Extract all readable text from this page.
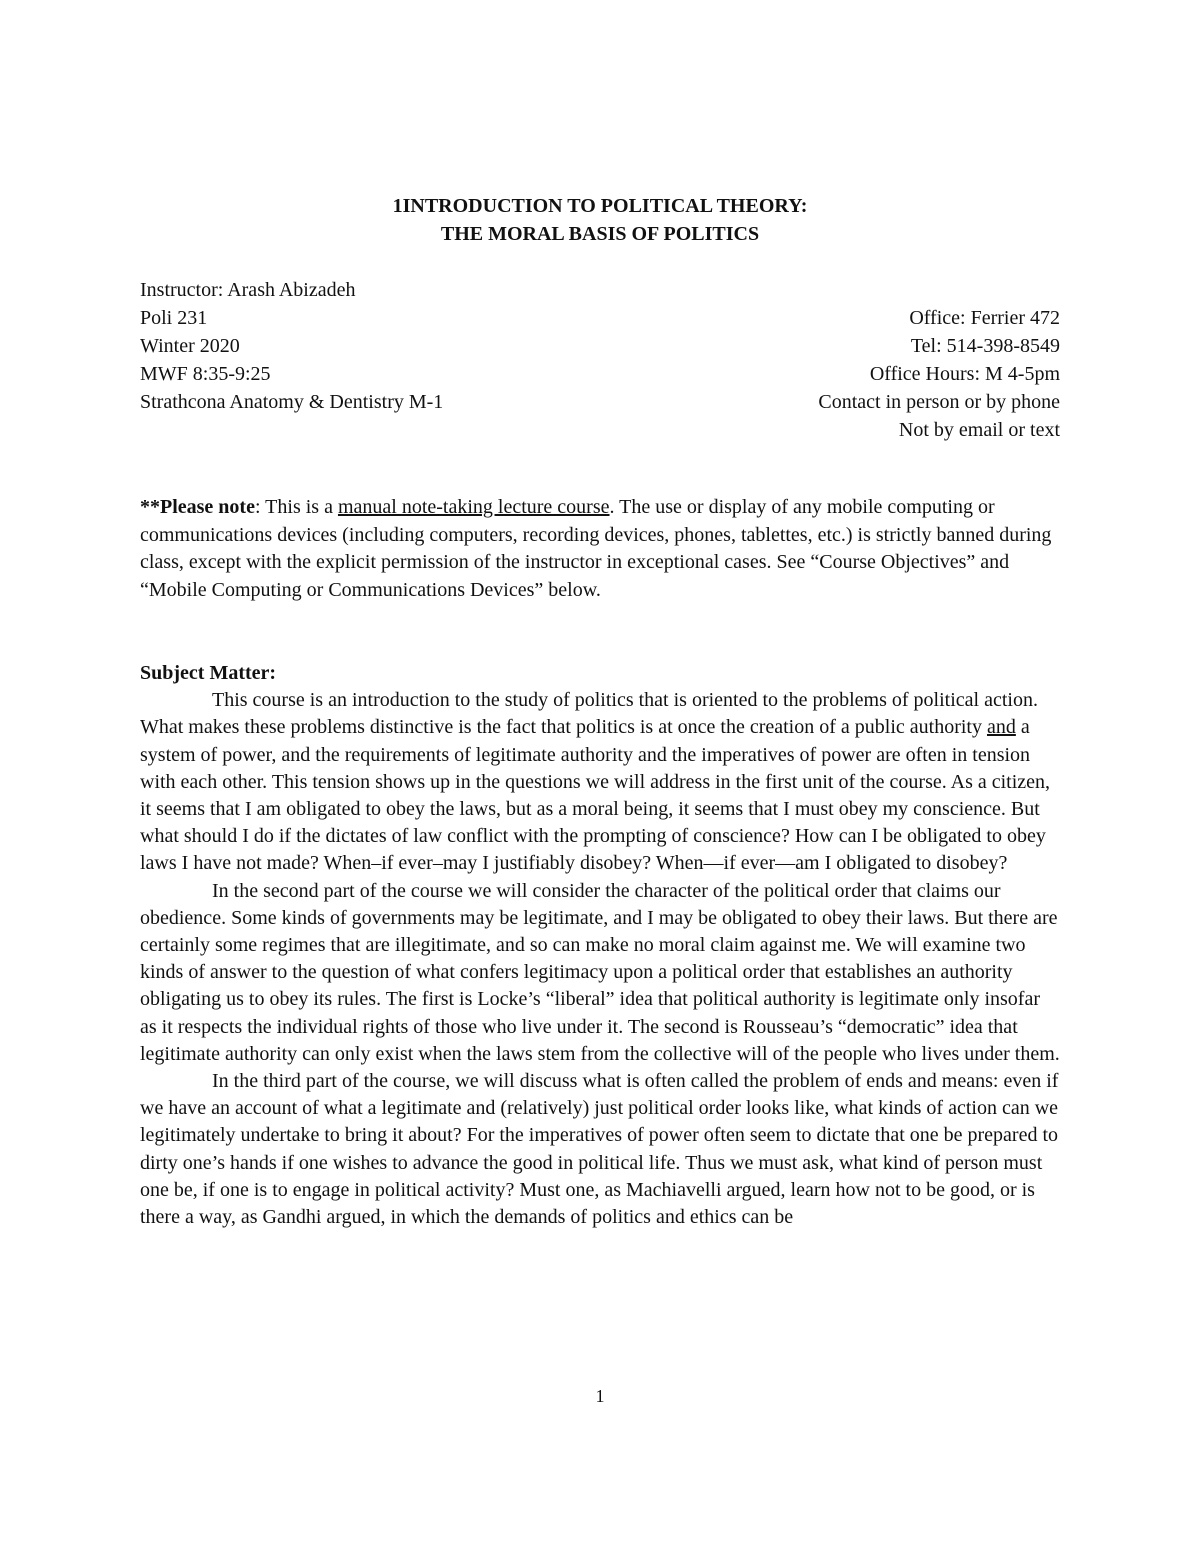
1INTRODUCTION TO POLITICAL THEORY:
THE MORAL BASIS OF POLITICS
Instructor: Arash Abizadeh
Poli 231	Office: Ferrier 472
Winter 2020	Tel: 514-398-8549
MWF 8:35-9:25	Office Hours: M 4-5pm
Strathcona Anatomy & Dentistry M-1	Contact in person or by phone
Not by email or text

**Please note: This is a manual note-taking lecture course. The use or display of any mobile computing or communications devices (including computers, recording devices, phones, tablettes, etc.) is strictly banned during class, except with the explicit permission of the instructor in exceptional cases. See “Course Objectives” and “Mobile Computing or Communications Devices” below.

Subject Matter:

This course is an introduction to the study of politics that is oriented to the problems of political action. What makes these problems distinctive is the fact that politics is at once the creation of a public authority and a system of power, and the requirements of legitimate authority and the imperatives of power are often in tension with each other. This tension shows up in the questions we will address in the first unit of the course. As a citizen, it seems that I am obligated to obey the laws, but as a moral being, it seems that I must obey my conscience. But what should I do if the dictates of law conflict with the prompting of conscience? How can I be obligated to obey laws I have not made? When–if ever–may I justifiably disobey? When—if ever—am I obligated to disobey?

In the second part of the course we will consider the character of the political order that claims our obedience. Some kinds of governments may be legitimate, and I may be obligated to obey their laws. But there are certainly some regimes that are illegitimate, and so can make no moral claim against me. We will examine two kinds of answer to the question of what confers legitimacy upon a political order that establishes an authority obligating us to obey its rules. The first is Locke’s “liberal” idea that political authority is legitimate only insofar as it respects the individual rights of those who live under it. The second is Rousseau’s “democratic” idea that legitimate authority can only exist when the laws stem from the collective will of the people who lives under them.

In the third part of the course, we will discuss what is often called the problem of ends and means: even if we have an account of what a legitimate and (relatively) just political order looks like, what kinds of action can we legitimately undertake to bring it about? For the imperatives of power often seem to dictate that one be prepared to dirty one’s hands if one wishes to advance the good in political life. Thus we must ask, what kind of person must one be, if one is to engage in political activity? Must one, as Machiavelli argued, learn how not to be good, or is there a way, as Gandhi argued, in which the demands of politics and ethics can be

1
